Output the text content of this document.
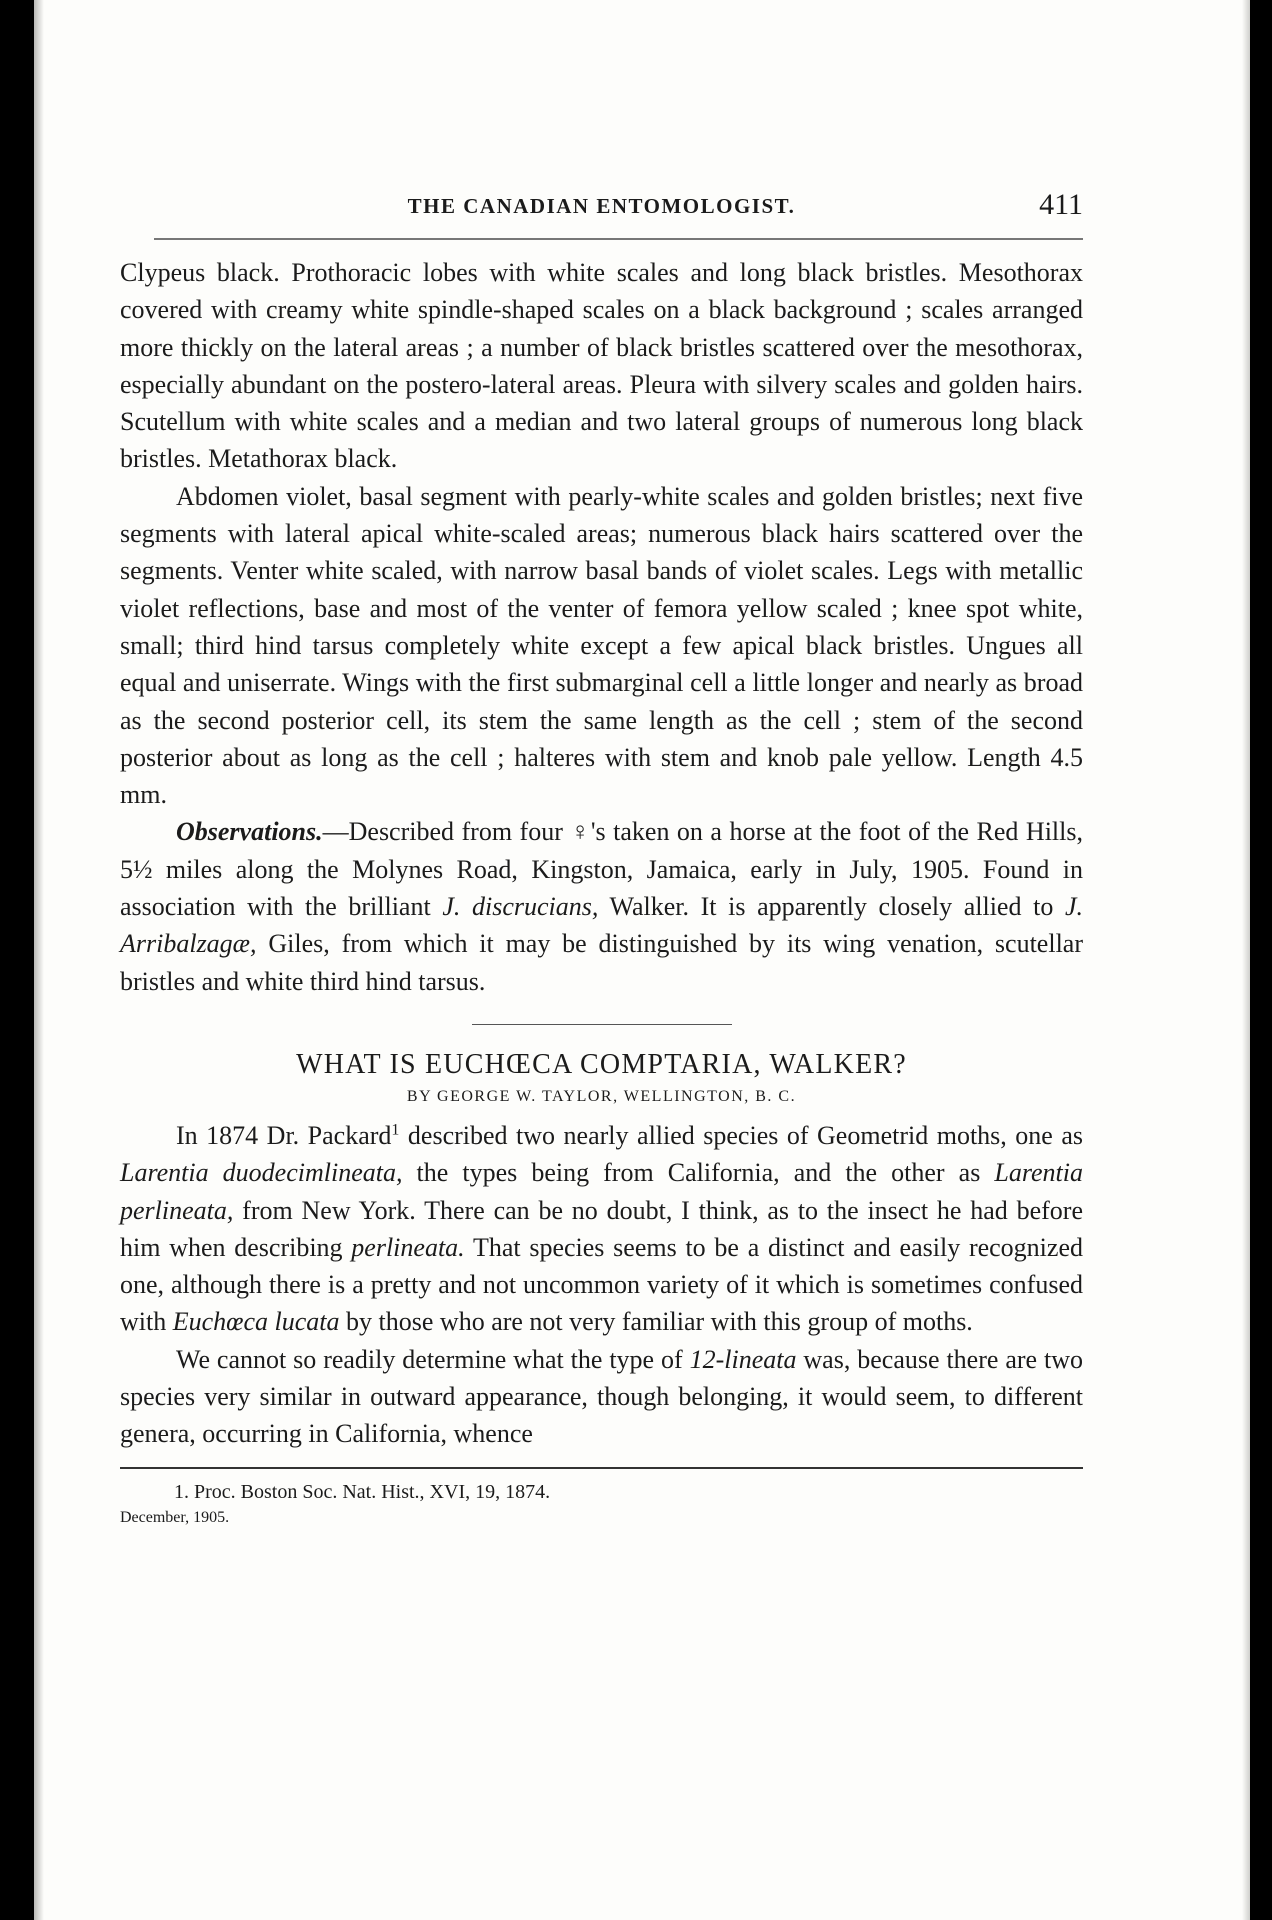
THE CANADIAN ENTOMOLOGIST.	411

Clypeus black. Prothoracic lobes with white scales and long black bristles. Mesothorax covered with creamy white spindle-shaped scales on a black background ; scales arranged more thickly on the lateral areas ; a number of black bristles scattered over the mesothorax, especially abundant on the postero-lateral areas. Pleura with silvery scales and golden hairs. Scutellum with white scales and a median and two lateral groups of numerous long black bristles. Metathorax black.

Abdomen violet, basal segment with pearly-white scales and golden bristles; next five segments with lateral apical white-scaled areas; numerous black hairs scattered over the segments. Venter white scaled, with narrow basal bands of violet scales. Legs with metallic violet reflections, base and most of the venter of femora yellow scaled ; knee spot white, small; third hind tarsus completely white except a few apical black bristles. Ungues all equal and uniserrate. Wings with the first submarginal cell a little longer and nearly as broad as the second posterior cell, its stem the same length as the cell ; stem of the second posterior about as long as the cell ; halteres with stem and knob pale yellow. Length 4.5 mm.

Observations.—Described from four ♀'s taken on a horse at the foot of the Red Hills, 5½ miles along the Molynes Road, Kingston, Jamaica, early in July, 1905. Found in association with the brilliant J. discrucians, Walker. It is apparently closely allied to J. Arribalzagæ, Giles, from which it may be distinguished by its wing venation, scutellar bristles and white third hind tarsus.

WHAT IS EUCHŒCA COMPTARIA, WALKER?

BY GEORGE W. TAYLOR, WELLINGTON, B. C.

In 1874 Dr. Packard$^1$ described two nearly allied species of Geometrid moths, one as Larentia duodecimlineata, the types being from California, and the other as Larentia perlineata, from New York. There can be no doubt, I think, as to the insect he had before him when describing perlineata. That species seems to be a distinct and easily recognized one, although there is a pretty and not uncommon variety of it which is sometimes confused with Euchœca lucata by those who are not very familiar with this group of moths.

We cannot so readily determine what the type of 12-lineata was, because there are two species very similar in outward appearance, though belonging, it would seem, to different genera, occurring in California, whence

1. Proc. Boston Soc. Nat. Hist., XVI, 19, 1874.

December, 1905.
